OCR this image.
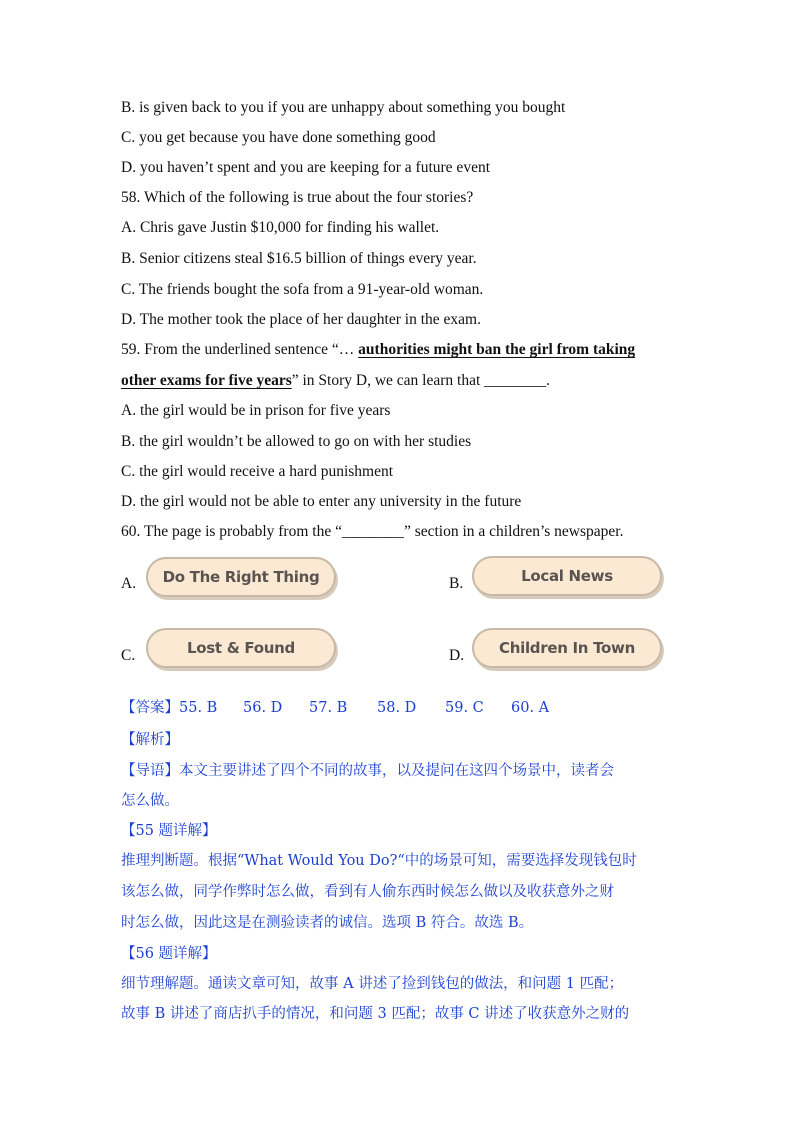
B. is given back to you if you are unhappy about something you bought
C. you get because you have done something good
D. you haven’t spent and you are keeping for a future event
58. Which of the following is true about the four stories?
A. Chris gave Justin $10,000 for finding his wallet.
B. Senior citizens steal $16.5 billion of things every year.
C. The friends bought the sofa from a 91-year-old woman.
D. The mother took the place of her daughter in the exam.
59. From the underlined sentence “… authorities might ban the girl from taking
other exams for five years” in Story D, we can learn that ________.
A. the girl would be in prison for five years
B. the girl wouldn’t be allowed to go on with her studies
C. the girl would receive a hard punishment
D. the girl would not be able to enter any university in the future
60. The page is probably from the “________” section in a children’s newspaper.
A.	Do The Right Thing	B.	Local News
C.	Lost & Found	D.	Children In Town
【答案】55. B 56. D 57. B 58. D 59. C 60. A
【解析】
【导语】本文主要讲述了四个不同的故事，以及提问在这四个场景中，读者会
怎么做。
【55 题详解】
推理判断题。根据“What Would You Do?“中的场景可知，需要选择发现钱包时
该怎么做，同学作弊时怎么做，看到有人偷东西时候怎么做以及收获意外之财
时怎么做，因此这是在测验读者的诚信。选项 B 符合。故选 B。
【56 题详解】
细节理解题。通读文章可知，故事 A 讲述了捡到钱包的做法，和问题 1 匹配；
故事 B 讲述了商店扒手的情况，和问题 3 匹配；故事 C 讲述了收获意外之财的
